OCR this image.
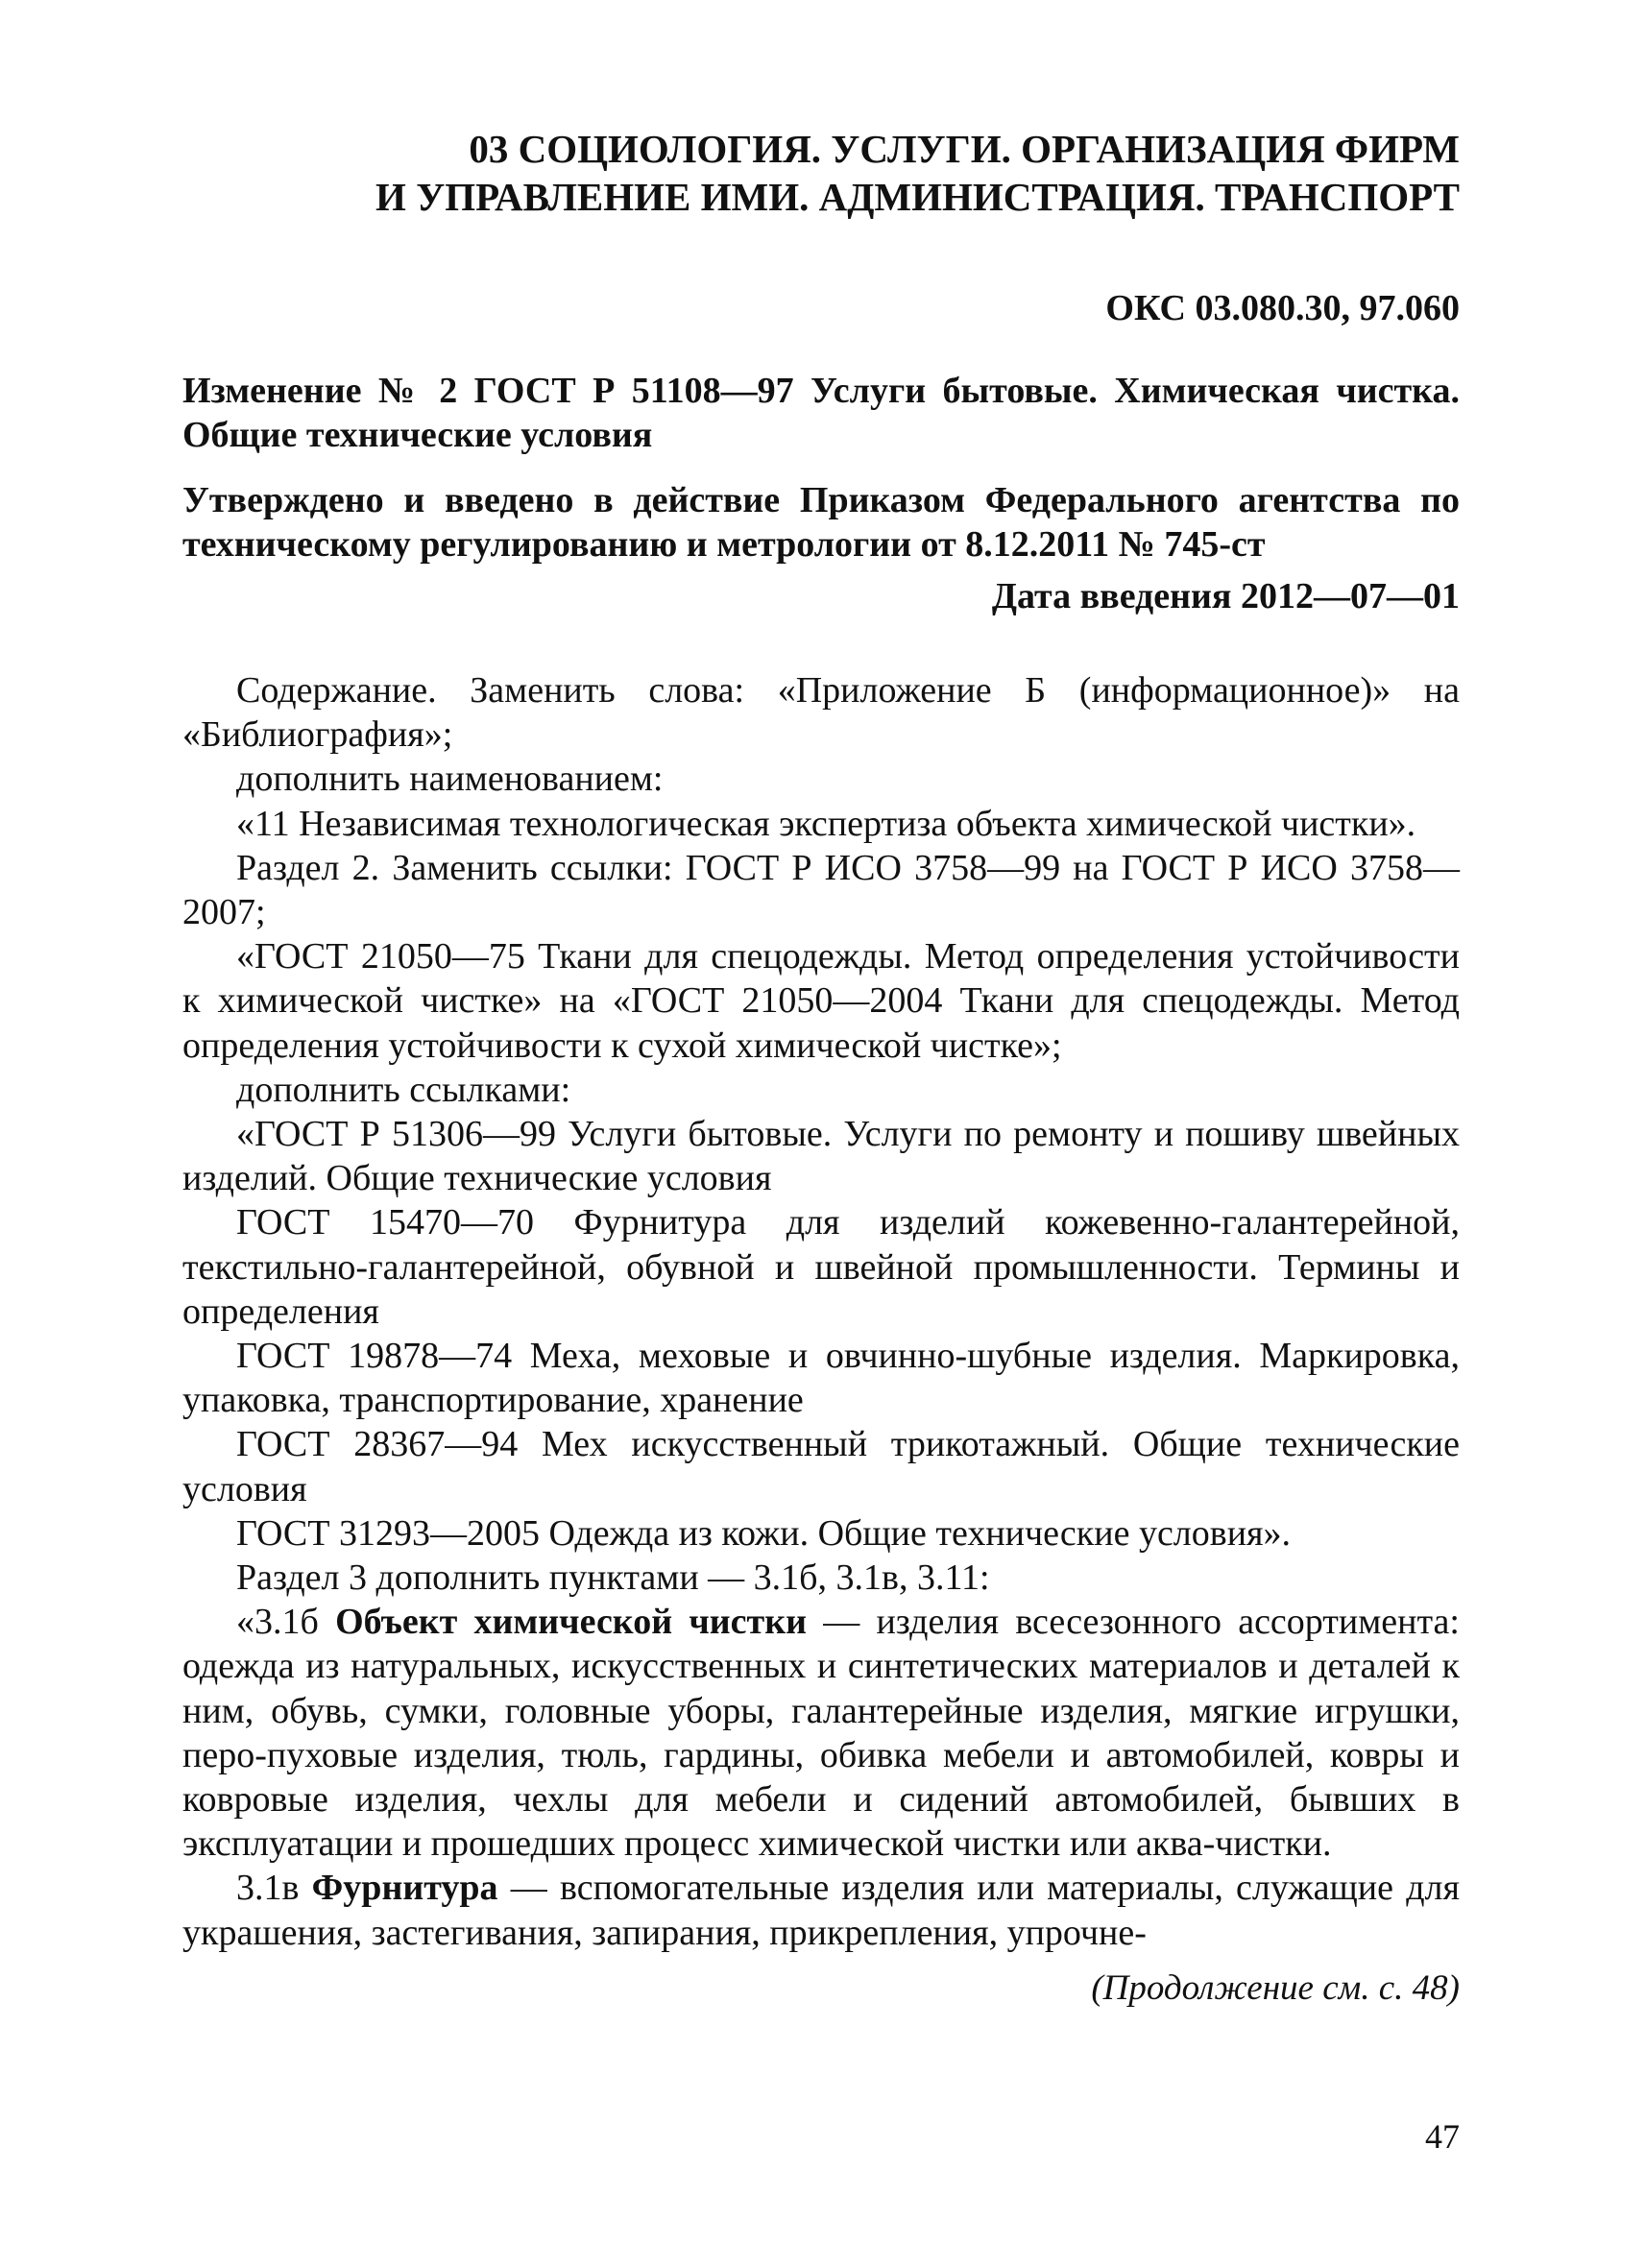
03 СОЦИОЛОГИЯ. УСЛУГИ. ОРГАНИЗАЦИЯ ФИРМ

И УПРАВЛЕНИЕ ИМИ. АДМИНИСТРАЦИЯ. ТРАНСПОРТ

ОКС 03.080.30, 97.060
Изменение № 2 ГОСТ Р 51108—97 Услуги бытовые. Химическая чистка. Общие технические условия
Утверждено и введено в действие Приказом Федерального агентства по техническому регулированию и метрологии от 8.12.2011 № 745-ст
Дата введения 2012—07—01

Содержание. Заменить слова: «Приложение Б (информационное)» на «Библиография»;

дополнить наименованием:

«11 Независимая технологическая экспертиза объекта химической чистки».

Раздел 2. Заменить ссылки: ГОСТ Р ИСО 3758—99 на ГОСТ Р ИСО 3758—2007;

«ГОСТ 21050—75 Ткани для спецодежды. Метод определения устойчивости к химической чистке» на «ГОСТ 21050—2004 Ткани для спецодежды. Метод определения устойчивости к сухой химической чистке»;

дополнить ссылками:

«ГОСТ Р 51306—99 Услуги бытовые. Услуги по ремонту и пошиву швейных изделий. Общие технические условия

ГОСТ 15470—70 Фурнитура для изделий кожевенно-галантерейной, текстильно-галантерейной, обувной и швейной промышленности. Термины и определения

ГОСТ 19878—74 Меха, меховые и овчинно-шубные изделия. Маркировка, упаковка, транспортирование, хранение

ГОСТ 28367—94 Мех искусственный трикотажный. Общие технические условия

ГОСТ 31293—2005 Одежда из кожи. Общие технические условия».

Раздел 3 дополнить пунктами — 3.1б, 3.1в, 3.11:

«3.1б Объект химической чистки — изделия всесезонного ассортимента: одежда из натуральных, искусственных и синтетических материалов и деталей к ним, обувь, сумки, головные уборы, галантерейные изделия, мягкие игрушки, перо-пуховые изделия, тюль, гардины, обивка мебели и автомобилей, ковры и ковровые изделия, чехлы для мебели и сидений автомобилей, бывших в эксплуатации и прошедших процесс химической чистки или аква-чистки.

3.1в Фурнитура — вспомогательные изделия или материалы, служащие для украшения, застегивания, запирания, прикрепления, упрочне-

(Продолжение см. с. 48)
47
